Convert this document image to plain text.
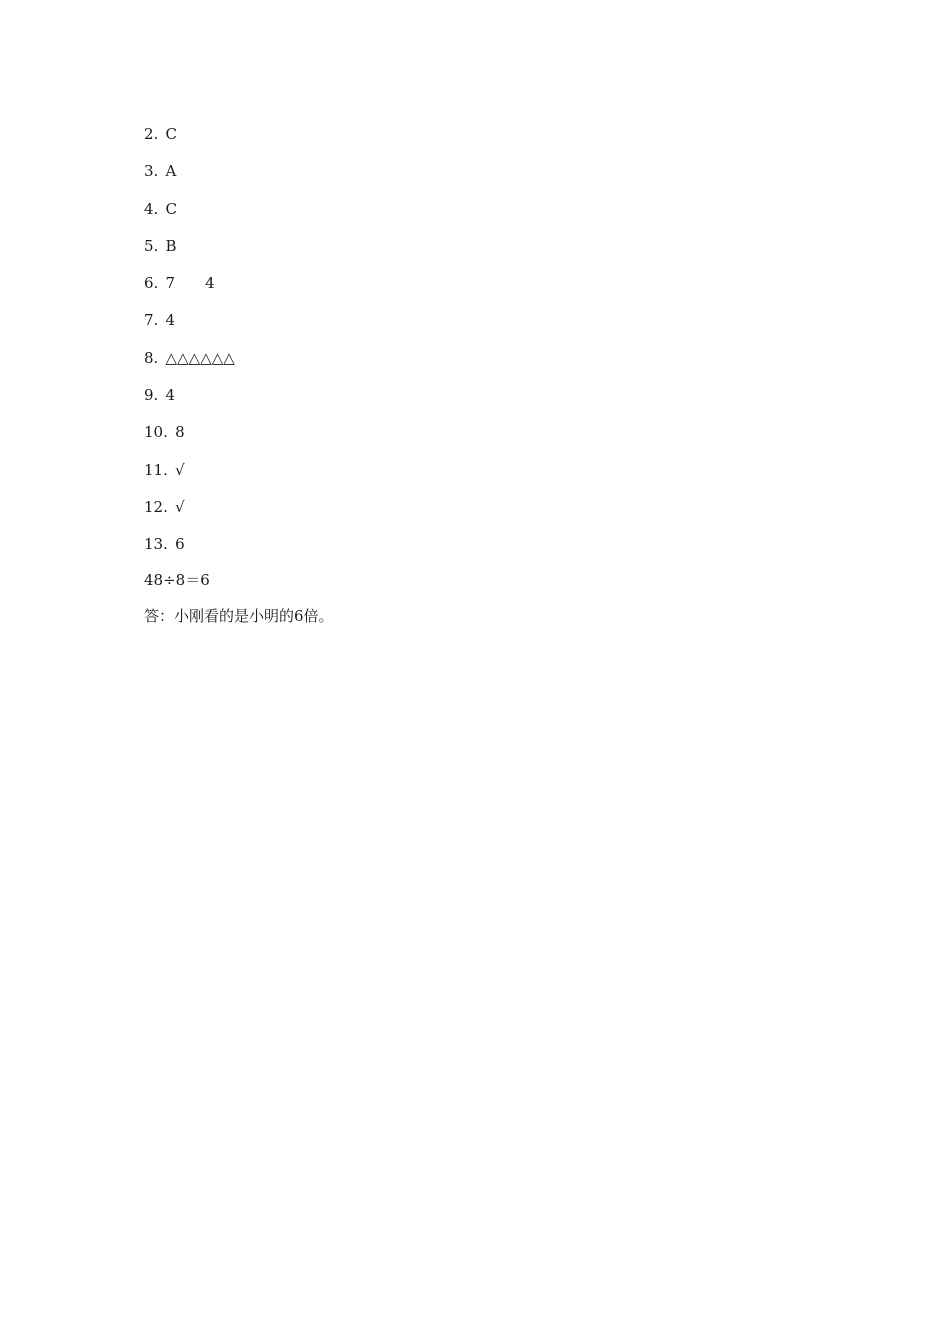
2 . C
3 . A
4 . C
5 . B
6 . 7 4
7 . 4
8 . △△△△△△
9 . 4
10 . 8
11 . √
12 . √
13 . 6
48÷8＝6
答：小刚看的是小明的6倍。
